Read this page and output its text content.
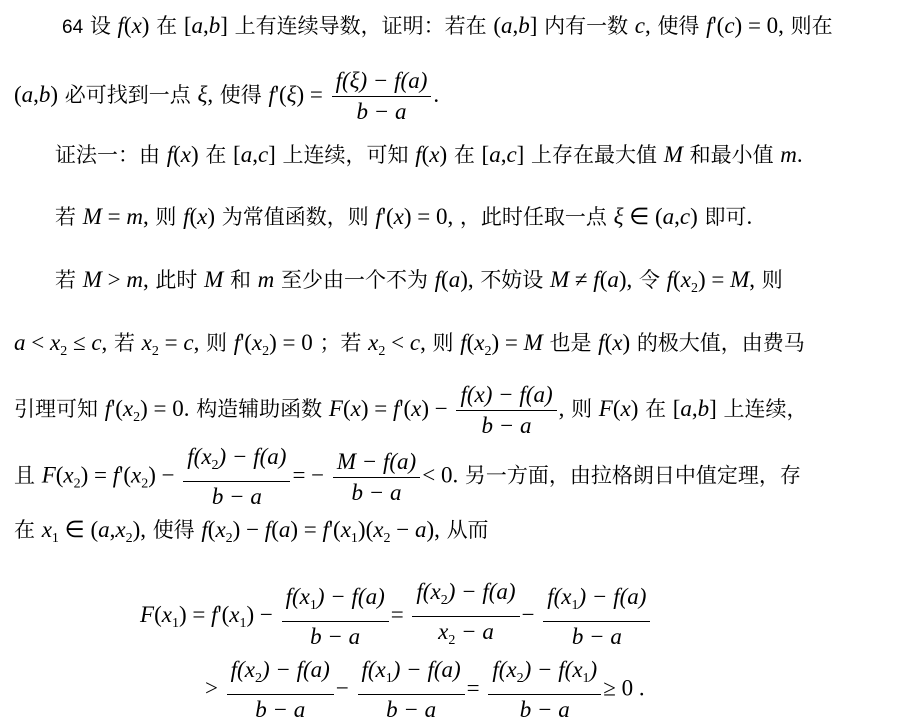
64 设 f(x) 在 [a,b] 上有连续导数，证明：若在 (a,b] 内有一数 c, 使得 f'(c) = 0, 则在
(a,b) 必可找到一点 ξ, 使得 $f'(\xi) = \frac{f(\xi) - f(a)}{b - a}$ .
证法一：由 f(x) 在 [a,c] 上连续，可知 f(x) 在 [a,c] 上存在最大值 M 和最小值 m.
若 M = m, 则 f(x) 为常值函数，则 f'(x) = 0, ，此时任取一点 ξ ∈ (a,c) 即可.
若 M > m, 此时 M 和 m 至少由一个不为 f(a), 不妨设 M ≠ f(a), 令 $f(x_2) = M$, 则
$a < x_2 \le c$, 若 $x_2 = c$, 则 $f'(x_2) = 0$ ；若 $x_2 < c$, 则 $f(x_2) = M$ 也是 f(x) 的极大值，由费马
引理可知 $f'(x_2) = 0$. 构造辅助函数 $F(x) = f'(x) - \frac{f(x) - f(a)}{b - a}$ , 则 F(x) 在 [a,b] 上连续，
且 $F(x_2) = f'(x_2) - \frac{f(x_2) - f(a)}{b - a}$ = − $\frac{M - f(a)}{b - a} < 0$. 另一方面，由拉格朗日中值定理，存
在 $x_1$ ∈ $(a,x_2)$, 使得 $f(x_2) - f(a) = f'(x_1)(x_2 - a)$, 从而
$F(x_1) = f'(x_1) - \frac{f(x_1) - f(a)}{b - a} = \frac{f(x_2) - f(a)}{x_2 - a} - \frac{f(x_1) - f(a)}{b - a}$
> $\frac{f(x_2) - f(a)}{b - a} - \frac{f(x_1) - f(a)}{b - a} = \frac{f(x_2) - f(x_1)}{b - a} \ge 0$ .
